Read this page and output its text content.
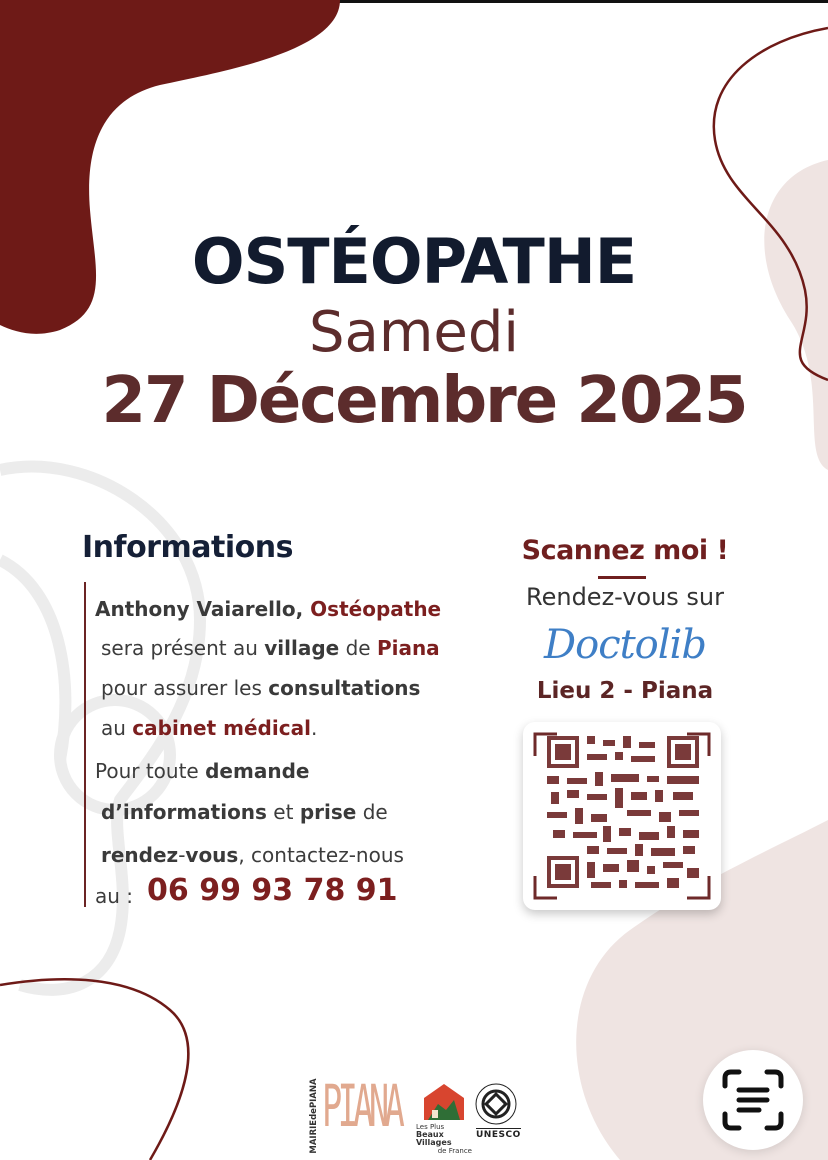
OSTÉOPATHE
Samedi
27 Décembre 2025
Informations
Anthony Vaiarello, Ostéopathe
sera présent au village de Piana
pour assurer les consultations
au cabinet médical.
Pour toute demande
d’informations et prise de
rendez-vous, contactez-nous
au : 06 99 93 78 91
Scannez moi !
Rendez-vous sur
Doctolib
Lieu 2 - Piana
MAIRIEdePIANA PIANA Les Plus
Beaux Villages
de France
UNESCO
